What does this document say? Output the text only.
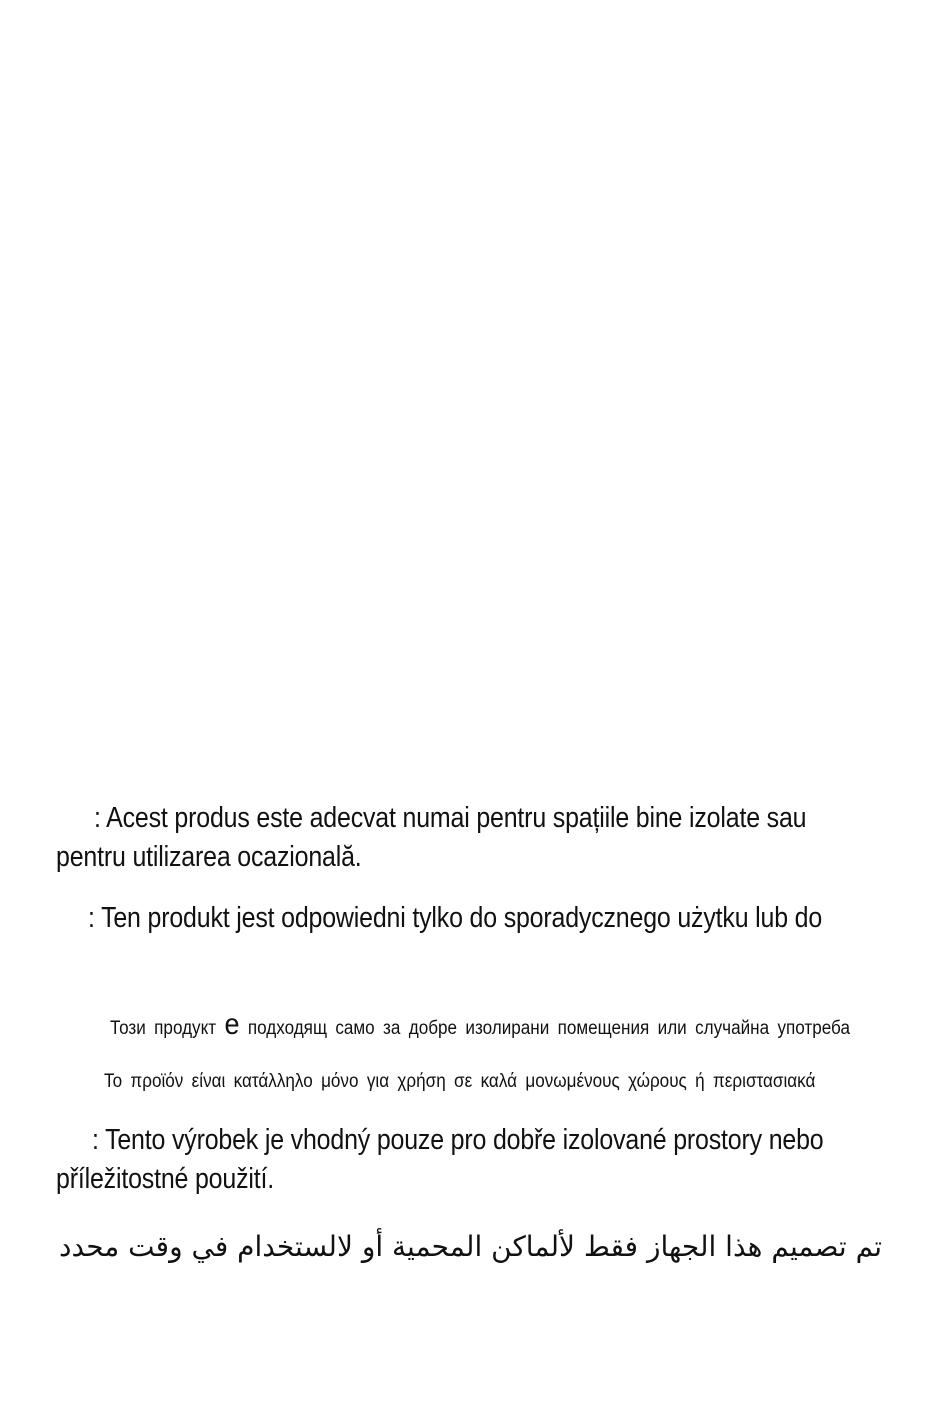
: Acest produs este adecvat numai pentru spațiile bine izolate sau

pentru utilizarea ocazională.

: Ten produkt jest odpowiedni tylko do sporadycznego użytku lub do

Този продукт е подходящ само за добре изолирани помещения или случайна употреба

Το προϊόν είναι κατάλληλο μόνο για χρήση σε καλά μονωμένους χώρους ή περιστασιακά

: Tento výrobek je vhodný pouze pro dobře izolované prostory nebo

příležitostné použití.

تم تصميم هذا الجهاز فقط لألماكن المحمية أو لالستخدام في وقت محدد
